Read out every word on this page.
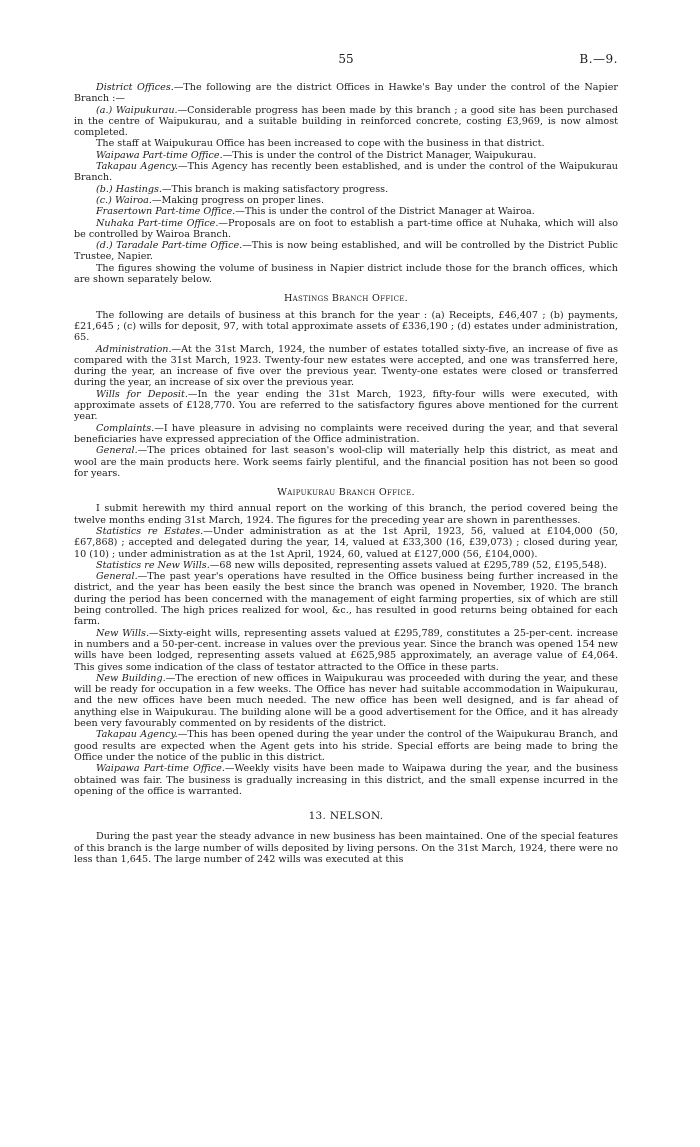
55	B.—9.

District Offices.—The following are the district Offices in Hawke's Bay under the control of the Napier Branch :—

(a.) Waipukurau.—Considerable progress has been made by this branch ; a good site has been purchased in the centre of Waipukurau, and a suitable building in reinforced concrete, costing £3,969, is now almost completed.

The staff at Waipukurau Office has been increased to cope with the business in that district.

Waipawa Part-time Office.—This is under the control of the District Manager, Waipukurau.

Takapau Agency.—This Agency has recently been established, and is under the control of the Waipukurau Branch.

(b.) Hastings.—This branch is making satisfactory progress.

(c.) Wairoa.—Making progress on proper lines.

Frasertown Part-time Office.—This is under the control of the District Manager at Wairoa.

Nuhaka Part-time Office.—Proposals are on foot to establish a part-time office at Nuhaka, which will also be controlled by Wairoa Branch.

(d.) Taradale Part-time Office.—This is now being established, and will be controlled by the District Public Trustee, Napier.

The figures showing the volume of business in Napier district include those for the branch offices, which are shown separately below.

Hastings Branch Office.

The following are details of business at this branch for the year : (a) Receipts, £46,407 ; (b) payments, £21,645 ; (c) wills for deposit, 97, with total approximate assets of £336,190 ; (d) estates under administration, 65.

Administration.—At the 31st March, 1924, the number of estates totalled sixty-five, an increase of five as compared with the 31st March, 1923. Twenty-four new estates were accepted, and one was transferred here, during the year, an increase of five over the previous year. Twenty-one estates were closed or transferred during the year, an increase of six over the previous year.

Wills for Deposit.—In the year ending the 31st March, 1923, fifty-four wills were executed, with approximate assets of £128,770. You are referred to the satisfactory figures above mentioned for the current year.

Complaints.—I have pleasure in advising no complaints were received during the year, and that several beneficiaries have expressed appreciation of the Office administration.

General.—The prices obtained for last season's wool-clip will materially help this district, as meat and wool are the main products here. Work seems fairly plentiful, and the financial position has not been so good for years.

Waipukurau Branch Office.

I submit herewith my third annual report on the working of this branch, the period covered being the twelve months ending 31st March, 1924. The figures for the preceding year are shown in parenthesses.

Statistics re Estates.—Under administration as at the 1st April, 1923, 56, valued at £104,000 (50, £67,868) ; accepted and delegated during the year, 14, valued at £33,300 (16, £39,073) ; closed during year, 10 (10) ; under administration as at the 1st April, 1924, 60, valued at £127,000 (56, £104,000).

Statistics re New Wills.—68 new wills deposited, representing assets valued at £295,789 (52, £195,548).

General.—The past year's operations have resulted in the Office business being further increased in the district, and the year has been easily the best since the branch was opened in November, 1920. The branch during the period has been concerned with the management of eight farming properties, six of which are still being controlled. The high prices realized for wool, &c., has resulted in good returns being obtained for each farm.

New Wills.—Sixty-eight wills, representing assets valued at £295,789, constitutes a 25-per-cent. increase in numbers and a 50-per-cent. increase in values over the previous year. Since the branch was opened 154 new wills have been lodged, representing assets valued at £625,985 approximately, an average value of £4,064. This gives some indication of the class of testator attracted to the Office in these parts.

New Building.—The erection of new offices in Waipukurau was proceeded with during the year, and these will be ready for occupation in a few weeks. The Office has never had suitable accommodation in Waipukurau, and the new offices have been much needed. The new office has been well designed, and is far ahead of anything else in Waipukurau. The building alone will be a good advertisement for the Office, and it has already been very favourably commented on by residents of the district.

Takapau Agency.—This has been opened during the year under the control of the Waipukurau Branch, and good results are expected when the Agent gets into his stride. Special efforts are being made to bring the Office under the notice of the public in this district.

Waipawa Part-time Office.—Weekly visits have been made to Waipawa during the year, and the business obtained was fair. The business is gradually increasing in this district, and the small expense incurred in the opening of the office is warranted.

13. NELSON.

During the past year the steady advance in new business has been maintained. One of the special features of this branch is the large number of wills deposited by living persons. On the 31st March, 1924, there were no less than 1,645. The large number of 242 wills was executed at this
